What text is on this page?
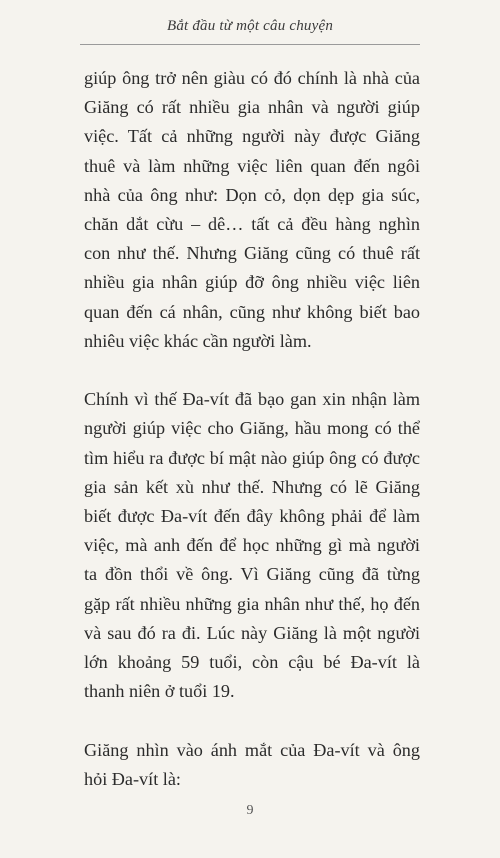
Bắt đầu từ một câu chuyện

giúp ông trở nên giàu có đó chính là nhà của Giăng có rất nhiều gia nhân và người giúp việc. Tất cả những người này được Giăng thuê và làm những việc liên quan đến ngôi nhà của ông như: Dọn cỏ, dọn dẹp gia súc, chăn dắt cừu – dê… tất cả đều hàng nghìn con như thế. Nhưng Giăng cũng có thuê rất nhiều gia nhân giúp đỡ ông nhiều việc liên quan đến cá nhân, cũng như không biết bao nhiêu việc khác cần người làm.

Chính vì thế Đa-vít đã bạo gan xin nhận làm người giúp việc cho Giăng, hầu mong có thể tìm hiểu ra được bí mật nào giúp ông có được gia sản kết xù như thế. Nhưng có lẽ Giăng biết được Đa-vít đến đây không phải để làm việc, mà anh đến để học những gì mà người ta đồn thổi về ông. Vì Giăng cũng đã từng gặp rất nhiều những gia nhân như thế, họ đến và sau đó ra đi. Lúc này Giăng là một người lớn khoảng 59 tuổi, còn cậu bé Đa-vít là thanh niên ở tuổi 19.

Giăng nhìn vào ánh mắt của Đa-vít và ông hỏi Đa-vít là:

9
